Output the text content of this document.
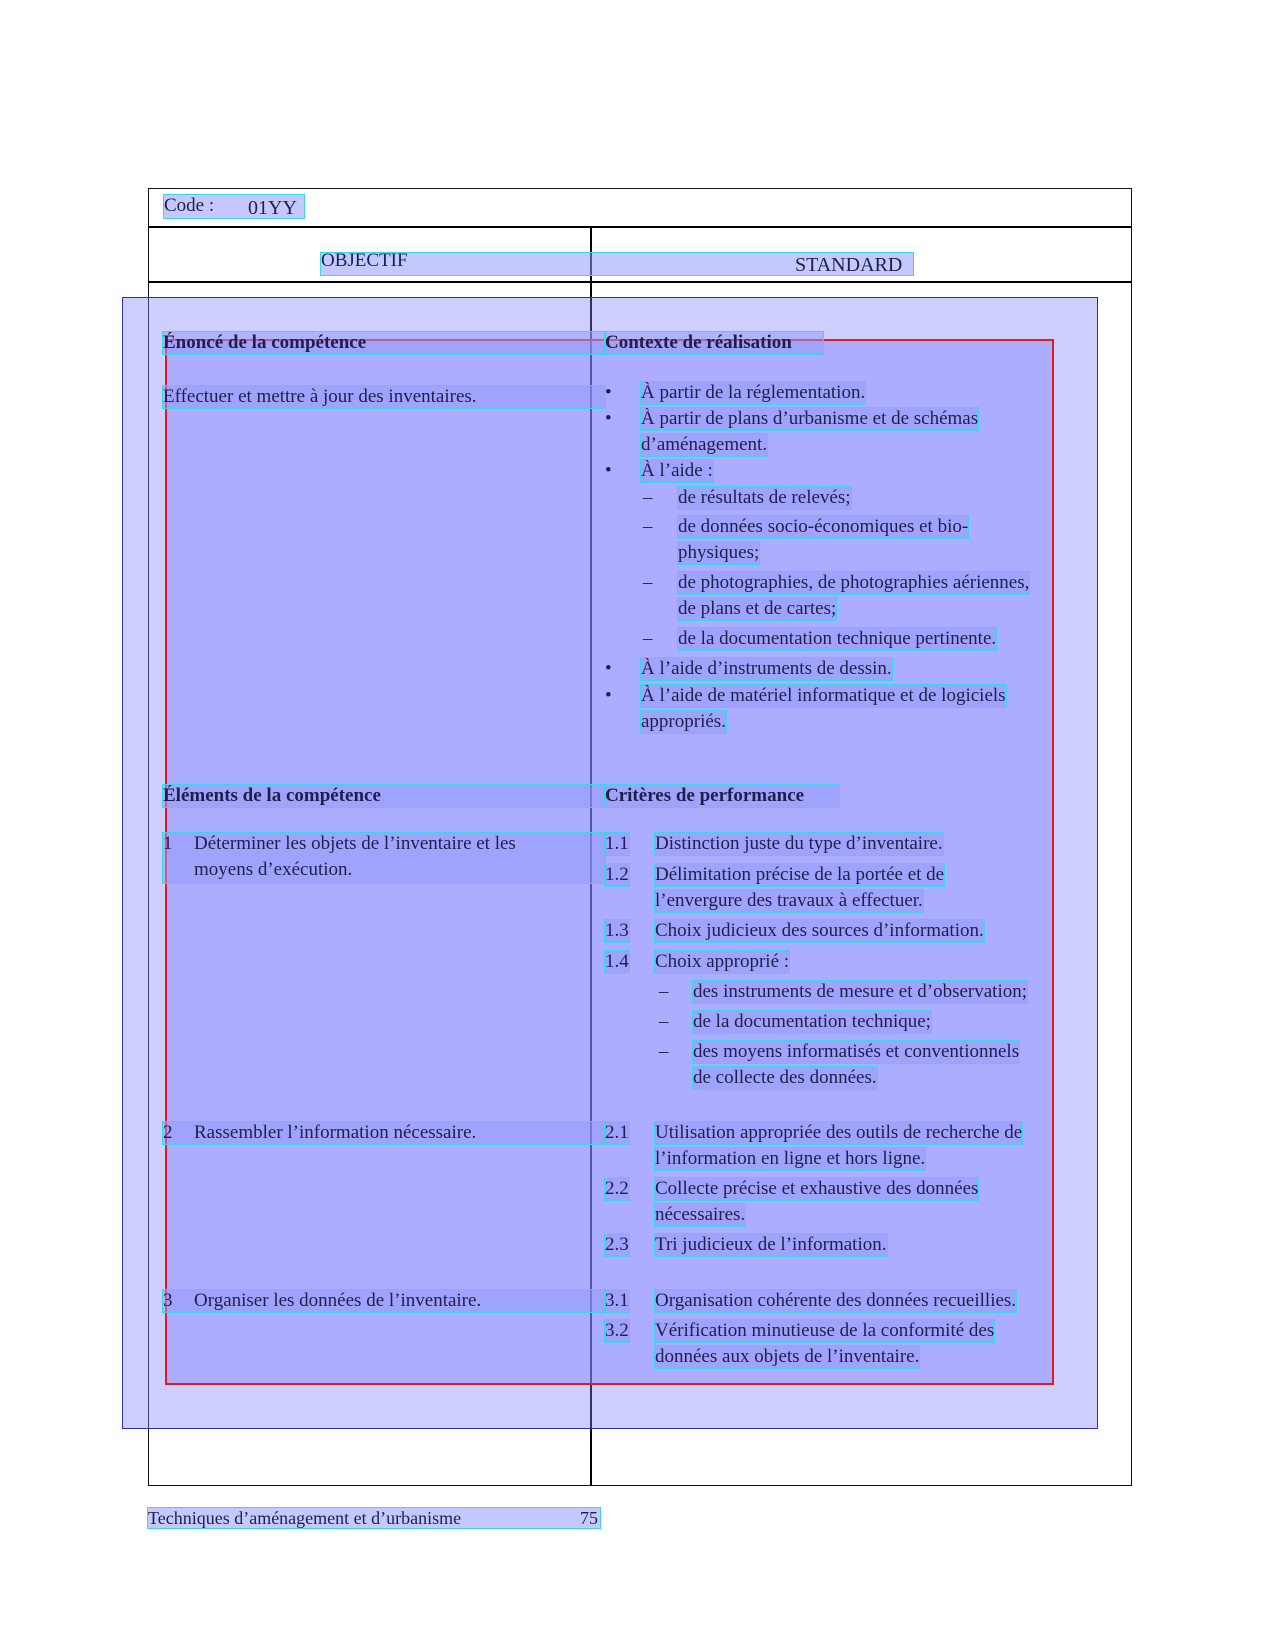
Code : 01YY
OBJECTIF	STANDARD
Énoncé de la compétence
Effectuer et mettre à jour des inventaires.
Éléments de la compétence
1 Déterminer les objets de l’inventaire et les
moyens d’exécution.
2 Rassembler l’information nécessaire.
3 Organiser les données de l’inventaire.
Contexte de réalisation
• À partir de la réglementation.
• À partir de plans d’urbanisme et de schémas
d’aménagement.
• À l’aide :
– de résultats de relevés;
– de données socio-économiques et bio-
physiques;
– de photographies, de photographies aériennes,
de plans et de cartes;
– de la documentation technique pertinente.
• À l’aide d’instruments de dessin.
• À l’aide de matériel informatique et de logiciels
appropriés.
Critères de performance
1.1 Distinction juste du type d’inventaire.
1.2 Délimitation précise de la portée et de
l’envergure des travaux à effectuer.
1.3 Choix judicieux des sources d’information.
1.4 Choix approprié :
– des instruments de mesure et d’observation;
– de la documentation technique;
– des moyens informatisés et conventionnels
de collecte des données.
2.1 Utilisation appropriée des outils de recherche de
l’information en ligne et hors ligne.
2.2 Collecte précise et exhaustive des données
nécessaires.
2.3 Tri judicieux de l’information.
3.1 Organisation cohérente des données recueillies.
3.2 Vérification minutieuse de la conformité des
données aux objets de l’inventaire.
Techniques d’aménagement et d’urbanisme	75
